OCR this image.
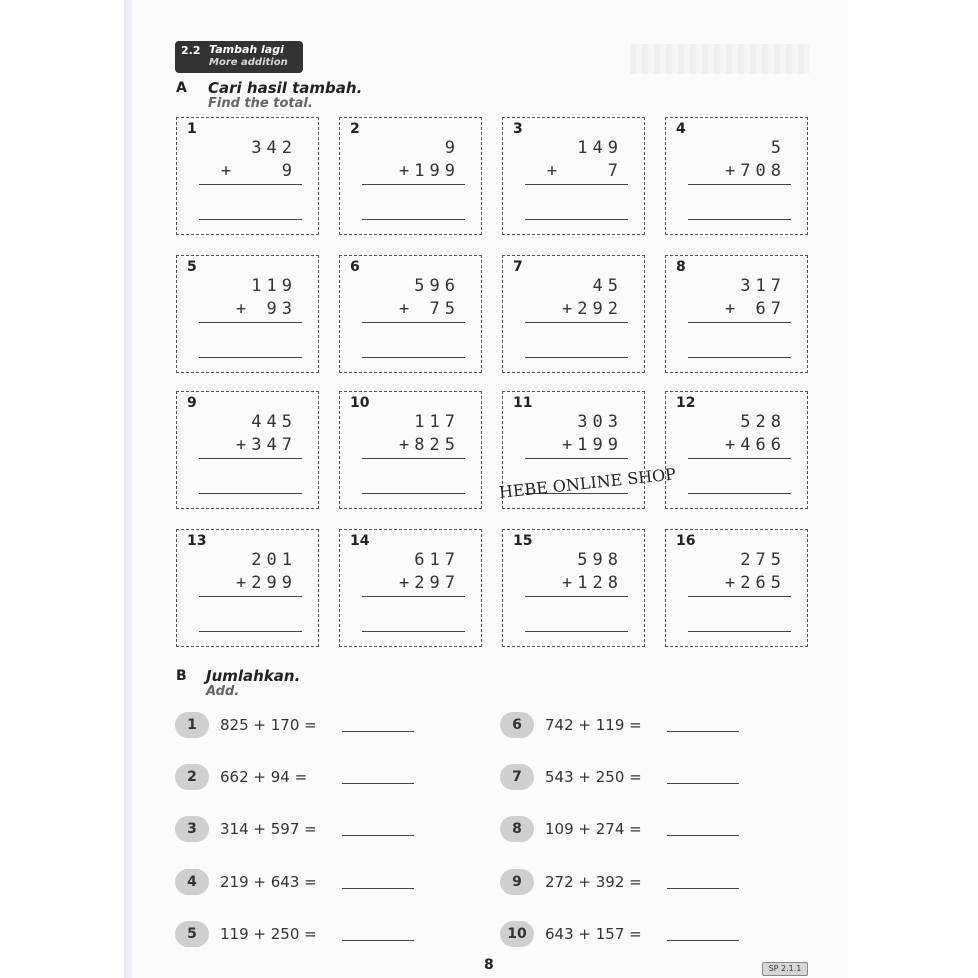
2.2 Tambah lagi
More addition
A Cari hasil tambah.
Find the total.
1
342
+   9
2
9
+199
3
149
+   7
4
5
+708
5
119
+ 93
6
596
+ 75
7
45
+292
8
317
+ 67
9
445
+347
10
117
+825
11
303
+199
12
528
+466
13
201
+299
14
617
+297
15
598
+128
16
275
+265
HEBE ONLINE SHOP
B Jumlahkan.
Add.
1	825 + 170 =
2	662 + 94 =
3	314 + 597 =
4	219 + 643 =
5	119 + 250 =
6	742 + 119 =
7	543 + 250 =
8	109 + 274 =
9	272 + 392 =
10	643 + 157 =
8	SP 2.1.1
